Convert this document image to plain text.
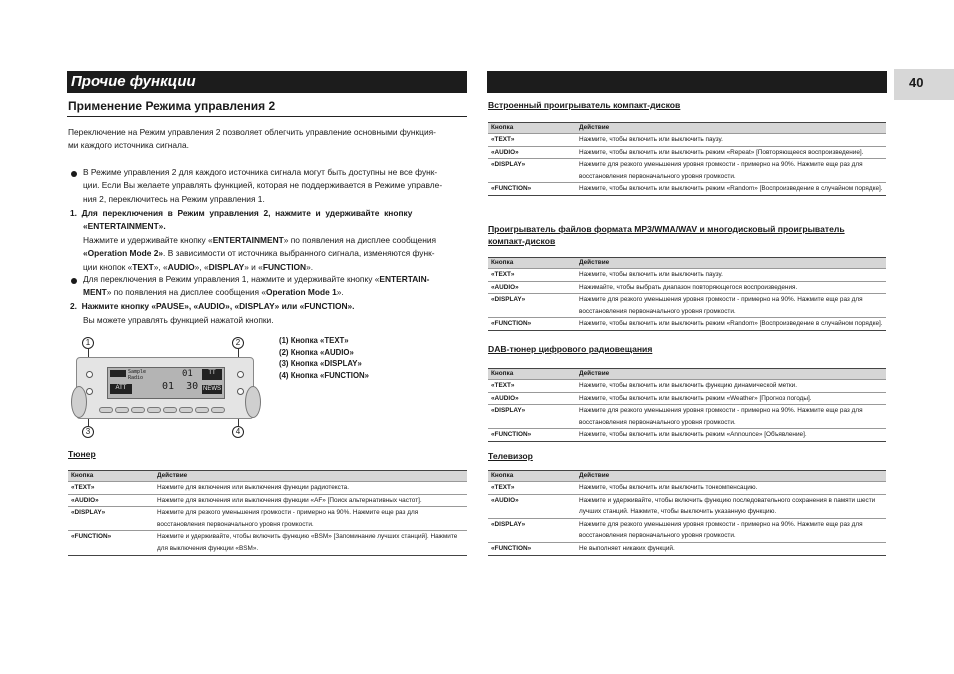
Прочие функции	40
Применение Режима управления 2
Переключение на Режим управления 2 позволяет облегчить управление основными функция-
ми каждого источника сигнала.
В Режиме управления 2 для каждого источника сигнала могут быть доступны не все функ-
ции. Если Вы желаете управлять функцией, которая не поддерживается в Режиме управле-
ния 2, переключитесь на Режим управления 1.
1.  Для  переключения  в  Режим  управления  2,  нажмите  и  удерживайте  кнопку
«ENTERTAINMENT».
Нажмите и удерживайте кнопку «ENTERTAINMENT» по появления на дисплее сообщения
«Operation Mode 2». В зависимости от источника выбранного сигнала, изменяются функ-
ции кнопок «TEXT», «AUDIO», «DISPLAY» и «FUNCTION».
Для переключения в Режим управления 1, нажмите и удерживайте кнопку «ENTERTAIN-
MENT» по появления на дисплее сообщения «Operation Mode 1».
2.  Нажмите кнопку «PAUSE», «AUDIO», «DISPLAY» или «FUNCTION».
Вы можете управлять функцией нажатой кнопки.
1	2
3	4
Sample
Radio	01
01  30
ATT
TT
NEWS
(1) Кнопка «TEXT»
(2) Кнопка «AUDIO»
(3) Кнопка «DISPLAY»
(4) Кнопка «FUNCTION»
Тюнер
Кнопка	Действие
«TEXT»	Нажмите для включения или выключения функции радиотекста.
«AUDIO»	Нажмите для включения или выключения функции «AF» [Поиск альтернативных частот].
«DISPLAY»	Нажмите для резкого уменьшения громкости - примерно на 90%. Нажмите еще раз для восстановления первоначального уровня громкости.
«FUNCTION»	Нажмите и удерживайте, чтобы включить функцию «BSM» [Запоминание лучших станций]. Нажмите для выключения функции «BSM».
Встроенный проигрыватель компакт-дисков
Кнопка	Действие
«TEXT»	Нажмите, чтобы включить или выключить паузу.
«AUDIO»	Нажмите, чтобы включить или выключить режим «Repeat» [Повторяющееся воспроизведение].
«DISPLAY»	Нажмите для резкого уменьшения уровня громкости - примерно на 90%. Нажмите еще раз для восстановления первоначального уровня громкости.
«FUNCTION»	Нажмите, чтобы включить или выключить режим «Random» [Воспроизведение в случайном порядке].
Проигрыватель файлов формата MP3/WMA/WAV и многодисковый проигрыватель
компакт-дисков
Кнопка	Действие
«TEXT»	Нажмите, чтобы включить или выключить паузу.
«AUDIO»	Нажимайте, чтобы выбрать диапазон повторяющегося воспроизведения.
«DISPLAY»	Нажмите для резкого уменьшения уровня громкости - примерно на 90%. Нажмите еще раз для восстановления первоначального уровня громкости.
«FUNCTION»	Нажмите, чтобы включить или выключить режим «Random» [Воспроизведение в случайном порядке].
DAB-тюнер цифрового радиовещания
Кнопка	Действие
«TEXT»	Нажмите, чтобы включить или выключить функцию динамической метки.
«AUDIO»	Нажмите, чтобы включить или выключить режим «Weather» [Прогноз погоды].
«DISPLAY»	Нажмите для резкого уменьшения уровня громкости - примерно на 90%. Нажмите еще раз для восстановления первоначального уровня громкости.
«FUNCTION»	Нажмите, чтобы включить или выключить режим «Announce» [Объявление].
Телевизор
Кнопка	Действие
«TEXT»	Нажмите, чтобы включить или выключить тонкомпенсацию.
«AUDIO»	Нажмите и удерживайте, чтобы включить функцию последовательного сохранения в памяти шести лучших станций. Нажмите, чтобы выключить указанную функцию.
«DISPLAY»	Нажмите для резкого уменьшения уровня громкости - примерно на 90%. Нажмите еще раз для восстановления первоначального уровня громкости.
«FUNCTION»	Не выполняет никаких функций.
